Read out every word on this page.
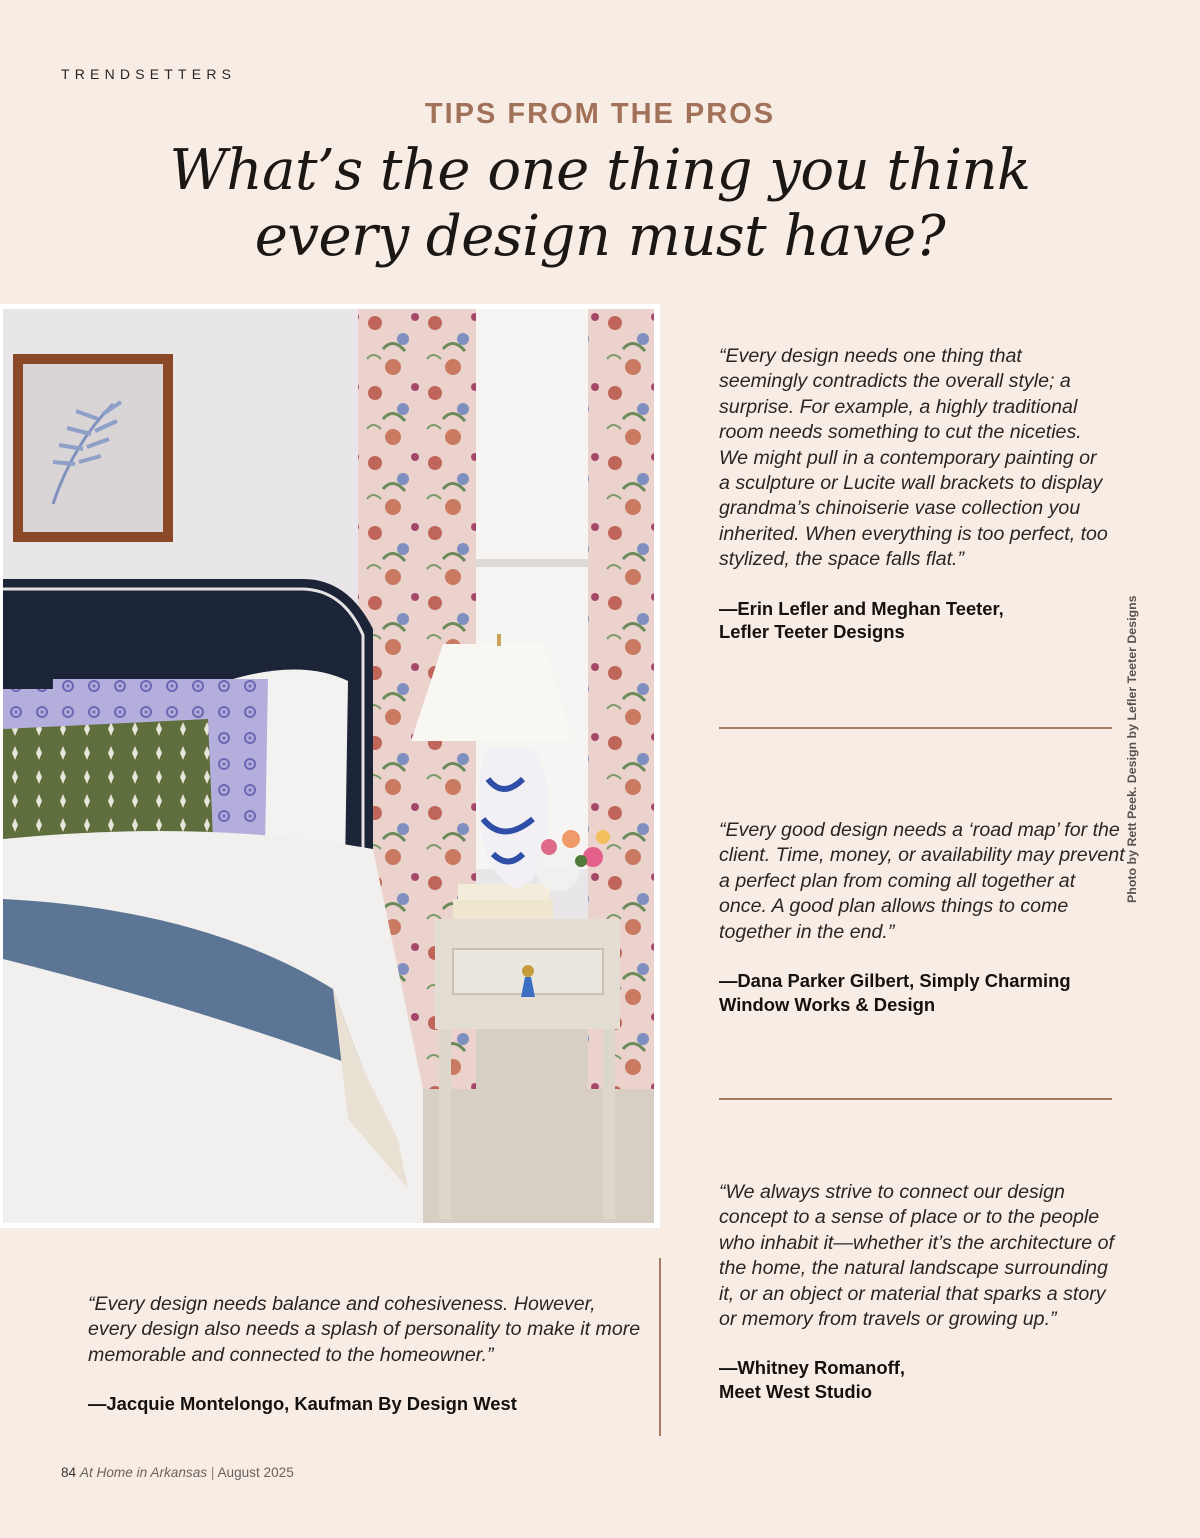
TRENDSETTERS
TIPS FROM THE PROS
What’s the one thing you think
every design must have?

“Every design needs one thing that
seemingly contradicts the overall style; a
surprise. For example, a highly traditional
room needs something to cut the niceties.
We might pull in a contemporary painting or
a sculpture or Lucite wall brackets to display
grandma’s chinoiserie vase collection you
inherited. When everything is too perfect, too
stylized, the space falls flat.”

—Erin Lefler and Meghan Teeter,
Lefler Teeter Designs

“Every good design needs a ‘road map’ for the
client. Time, money, or availability may prevent
a perfect plan from coming all together at
once. A good plan allows things to come
together in the end.”

—Dana Parker Gilbert, Simply Charming
Window Works & Design

“We always strive to connect our design
concept to a sense of place or to the people
who inhabit it—whether it’s the architecture of
the home, the natural landscape surrounding
it, or an object or material that sparks a story
or memory from travels or growing up.”

—Whitney Romanoff,
Meet West Studio

“Every design needs balance and cohesiveness. However,
every design also needs a splash of personality to make it more
memorable and connected to the homeowner.”

—Jacquie Montelongo, Kaufman By Design West
Photo by Rett Peek. Design by Lefler Teeter Designs
84 At Home in Arkansas | August 2025
